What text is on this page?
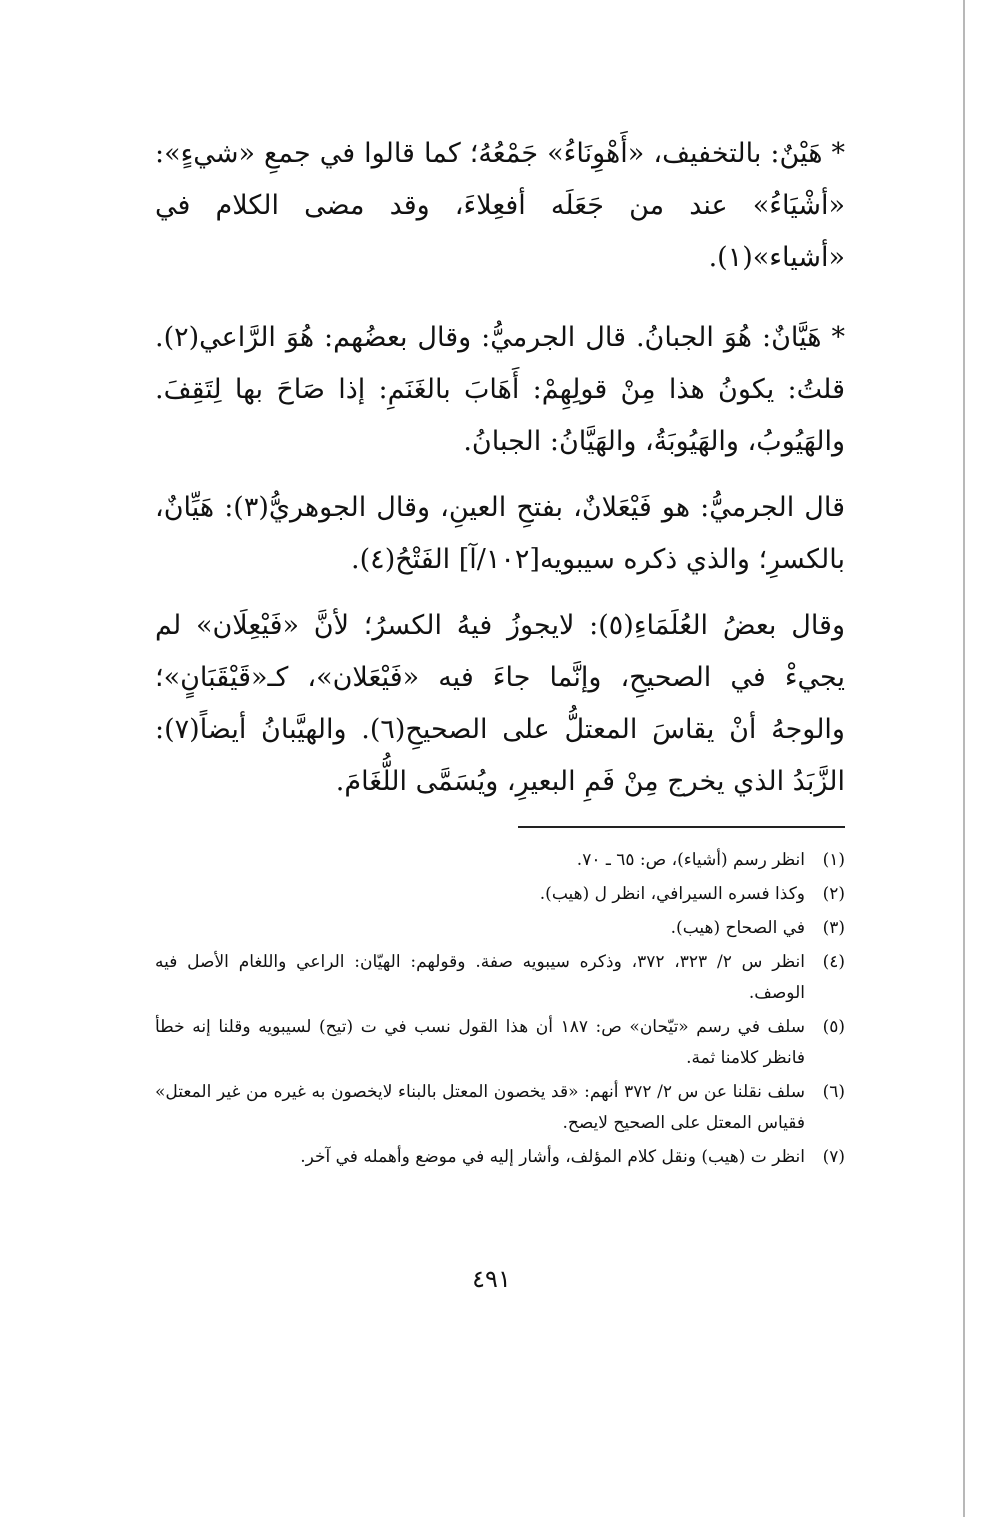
* هَيْنٌ: بالتخفيف، «أَهْوِنَاءُ» جَمْعُهُ؛ كما قالوا في جمعِ «شيءٍ»: «أشْيَاءُ» عند من جَعَلَه أفعِلاءَ، وقد مضى الكلام في «أشياء»(١).

* هَيَّانٌ: هُوَ الجبانُ. قال الجرميُّ: وقال بعضُهم: هُوَ الرَّاعي(٢). قلتُ: يكونُ هذا مِنْ قولِهِمْ: أَهَابَ بالغَنَمِ: إذا صَاحَ بها لِتَقِفَ. والهَيُوبُ، والهَيُوبَةُ، والهَيَّانُ: الجبانُ.

قال الجرميُّ: هو فَيْعَلانٌ، بفتحِ العينِ، وقال الجوهريُّ(٣): هَيِّانٌ، بالكسرِ؛ والذي ذكره سيبويه[١٠٢/آ] الفَتْحُ(٤).

وقال بعضُ العُلَمَاءِ(٥): لايجوزُ فيهُ الكسرُ؛ لأنَّ «فَيْعِلَان» لم يجيءْ في الصحيحِ، وإنَّما جاءَ فيه «فَيْعَلان»، كـ«قَيْقَبَانٍ»؛ والوجهُ أنْ يقاسَ المعتلُّ على الصحيحِ(٦). والهيَّبانُ أيضاً(٧): الزَّبَدُ الذي يخرج مِنْ فَمِ البعيرِ، ويُسَمَّى اللُّغَامَ.

(١)
انظر رسم (أشياء)، ص: ٦٥ ـ ٧٠.
(٢)
وكذا فسره السيرافي، انظر ل (هيب).
(٣)
في الصحاح (هيب).
(٤)
انظر س ٢/ ٣٢٣، ٣٧٢، وذكره سيبويه صفة. وقولهم: الهيّان: الراعي واللغام الأصل فيه الوصف.
(٥)
سلف في رسم «تيّحان» ص: ١٨٧ أن هذا القول نسب في ت (تيح) لسيبويه وقلنا إنه خطأ فانظر كلامنا ثمة.
(٦)
سلف نقلنا عن س ٢/ ٣٧٢ أنهم: «قد يخصون المعتل بالبناء لايخصون به غيره من غير المعتل» فقياس المعتل على الصحيح لايصح.
(٧)
انظر ت (هيب) ونقل كلام المؤلف، وأشار إليه في موضع وأهمله في آخر.
٤٩١
